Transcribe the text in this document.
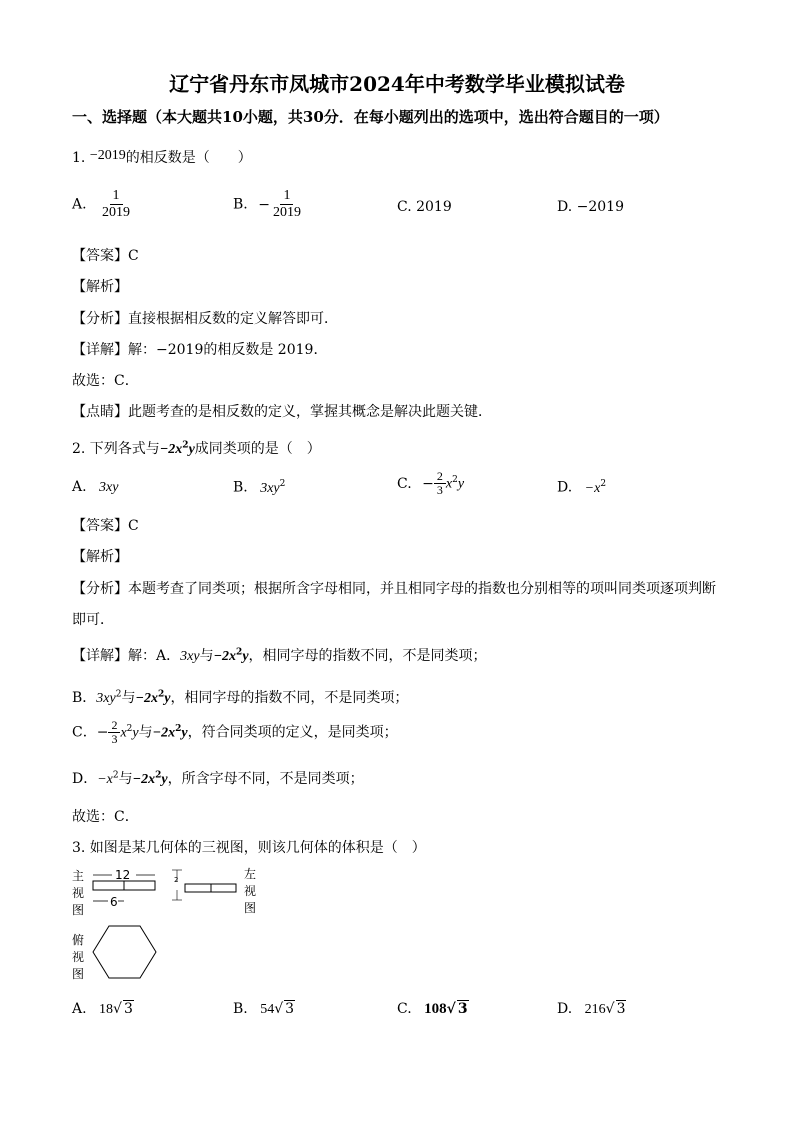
辽宁省丹东市凤城市2024年中考数学毕业模拟试卷
一、选择题（本大题共10小题，共30分．在每小题列出的选项中，选出符合题目的一项）
1. −2019的相反数是（　　）
A. $\frac{1}{2019}$	B. − $\frac{1}{2019}$	C. 2019	D. −2019
【答案】C
【解析】
【分析】直接根据相反数的定义解答即可．
【详解】解：−2019的相反数是 2019．
故选：C．
【点睛】此题考查的是相反数的定义，掌握其概念是解决此题关键．
2. 下列各式与$-2x^2y$成同类项的是（　）
A. 3xy	B. $3xy^2$	C. − $\frac{2}{3} x^2y$	D. $-x^2$
【答案】C
【解析】
【分析】本题考查了同类项；根据所含字母相同，并且相同字母的指数也分别相等的项叫同类项逐项判断
即可．
【详解】解：A．3xy与$-2x^2y$，相同字母的指数不同，不是同类项；
B．$3xy^2$与$-2x^2y$，相同字母的指数不同，不是同类项；
C．− $\frac{2}{3} x^2y$与$-2x^2y$，符合同类项的定义，是同类项；
D．$-x^2$与$-2x^2y$，所含字母不同，不是同类项；
故选：C．
3. 如图是某几何体的三视图，则该几何体的体积是（　）
主
视
图
12
6
2	左
视
图
俯
视
图
A. 18√ 3	B. 54√ 3	C. 108√ 3	D. 216√ 3
